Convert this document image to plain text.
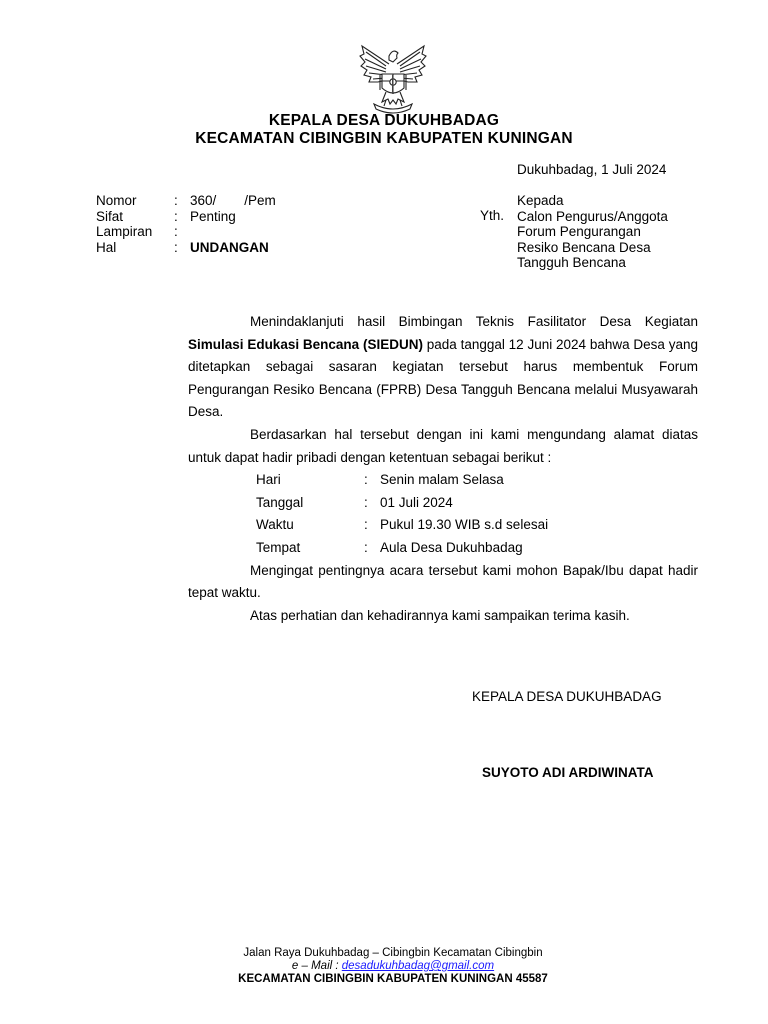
KEPALA DESA DUKUHBADAG
KECAMATAN CIBINGBIN KABUPATEN KUNINGAN
Dukuhbadag, 1 Juli 2024
Nomor	: 360/ /Pem
Sifat	: Penting
Lampiran	:
Hal	: UNDANGAN
Yth.
Kepada
Calon Pengurus/Anggota
Forum Pengurangan
Resiko Bencana Desa
Tangguh Bencana

Menindaklanjuti hasil Bimbingan Teknis Fasilitator Desa Kegiatan Simulasi Edukasi Bencana (SIEDUN) pada tanggal 12 Juni 2024 bahwa Desa yang ditetapkan sebagai sasaran kegiatan tersebut harus membentuk Forum Pengurangan Resiko Bencana (FPRB) Desa Tangguh Bencana melalui Musyawarah Desa.

Berdasarkan hal tersebut dengan ini kami mengundang alamat diatas untuk dapat hadir pribadi dengan ketentuan sebagai berikut :

Hari	: Senin malam Selasa
Tanggal	: 01 Juli 2024
Waktu	: Pukul 19.30 WIB s.d selesai
Tempat	: Aula Desa Dukuhbadag

Mengingat pentingnya acara tersebut kami mohon Bapak/Ibu dapat hadir tepat waktu.

Atas perhatian dan kehadirannya kami sampaikan terima kasih.

KEPALA DESA DUKUHBADAG
SUYOTO ADI ARDIWINATA
Jalan Raya Dukuhbadag – Cibingbin Kecamatan Cibingbin
e – Mail : desadukuhbadag@gmail.com
KECAMATAN CIBINGBIN KABUPATEN KUNINGAN 45587
